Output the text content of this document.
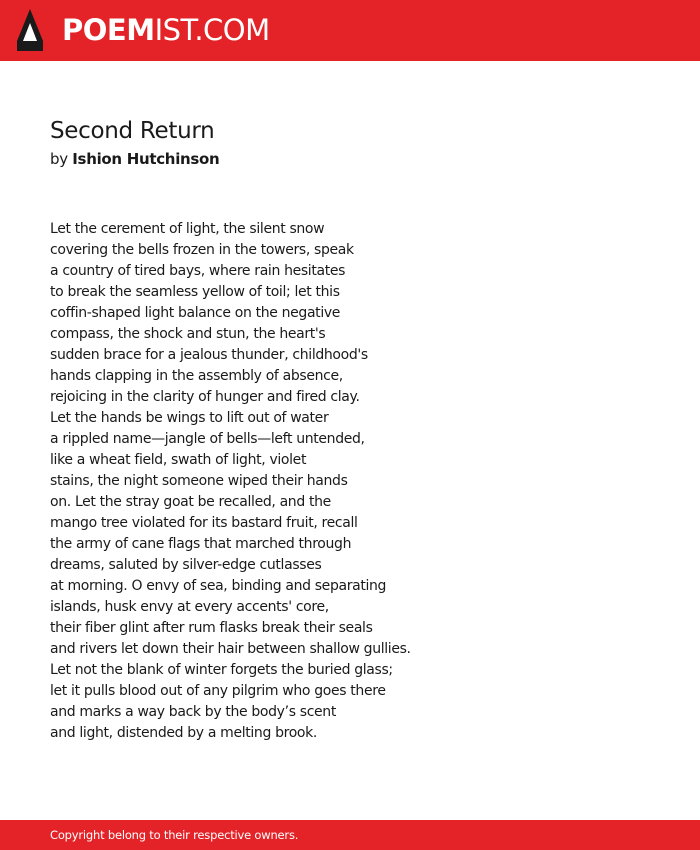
POEMIST.COM
Second Return
by Ishion Hutchinson
Let the cerement of light, the silent snow
covering the bells frozen in the towers, speak
a country of tired bays, where rain hesitates
to break the seamless yellow of toil; let this
coffin-shaped light balance on the negative
compass, the shock and stun, the heart's
sudden brace for a jealous thunder, childhood's
hands clapping in the assembly of absence,
rejoicing in the clarity of hunger and fired clay.
Let the hands be wings to lift out of water
a rippled name—jangle of bells—left untended,
like a wheat field, swath of light, violet
stains, the night someone wiped their hands
on. Let the stray goat be recalled, and the
mango tree violated for its bastard fruit, recall
the army of cane flags that marched through
dreams, saluted by silver-edge cutlasses
at morning. O envy of sea, binding and separating
islands, husk envy at every accents' core,
their fiber glint after rum flasks break their seals
and rivers let down their hair between shallow gullies.
Let not the blank of winter forgets the buried glass;
let it pulls blood out of any pilgrim who goes there
and marks a way back by the body’s scent
and light, distended by a melting brook.
Copyright belong to their respective owners.
